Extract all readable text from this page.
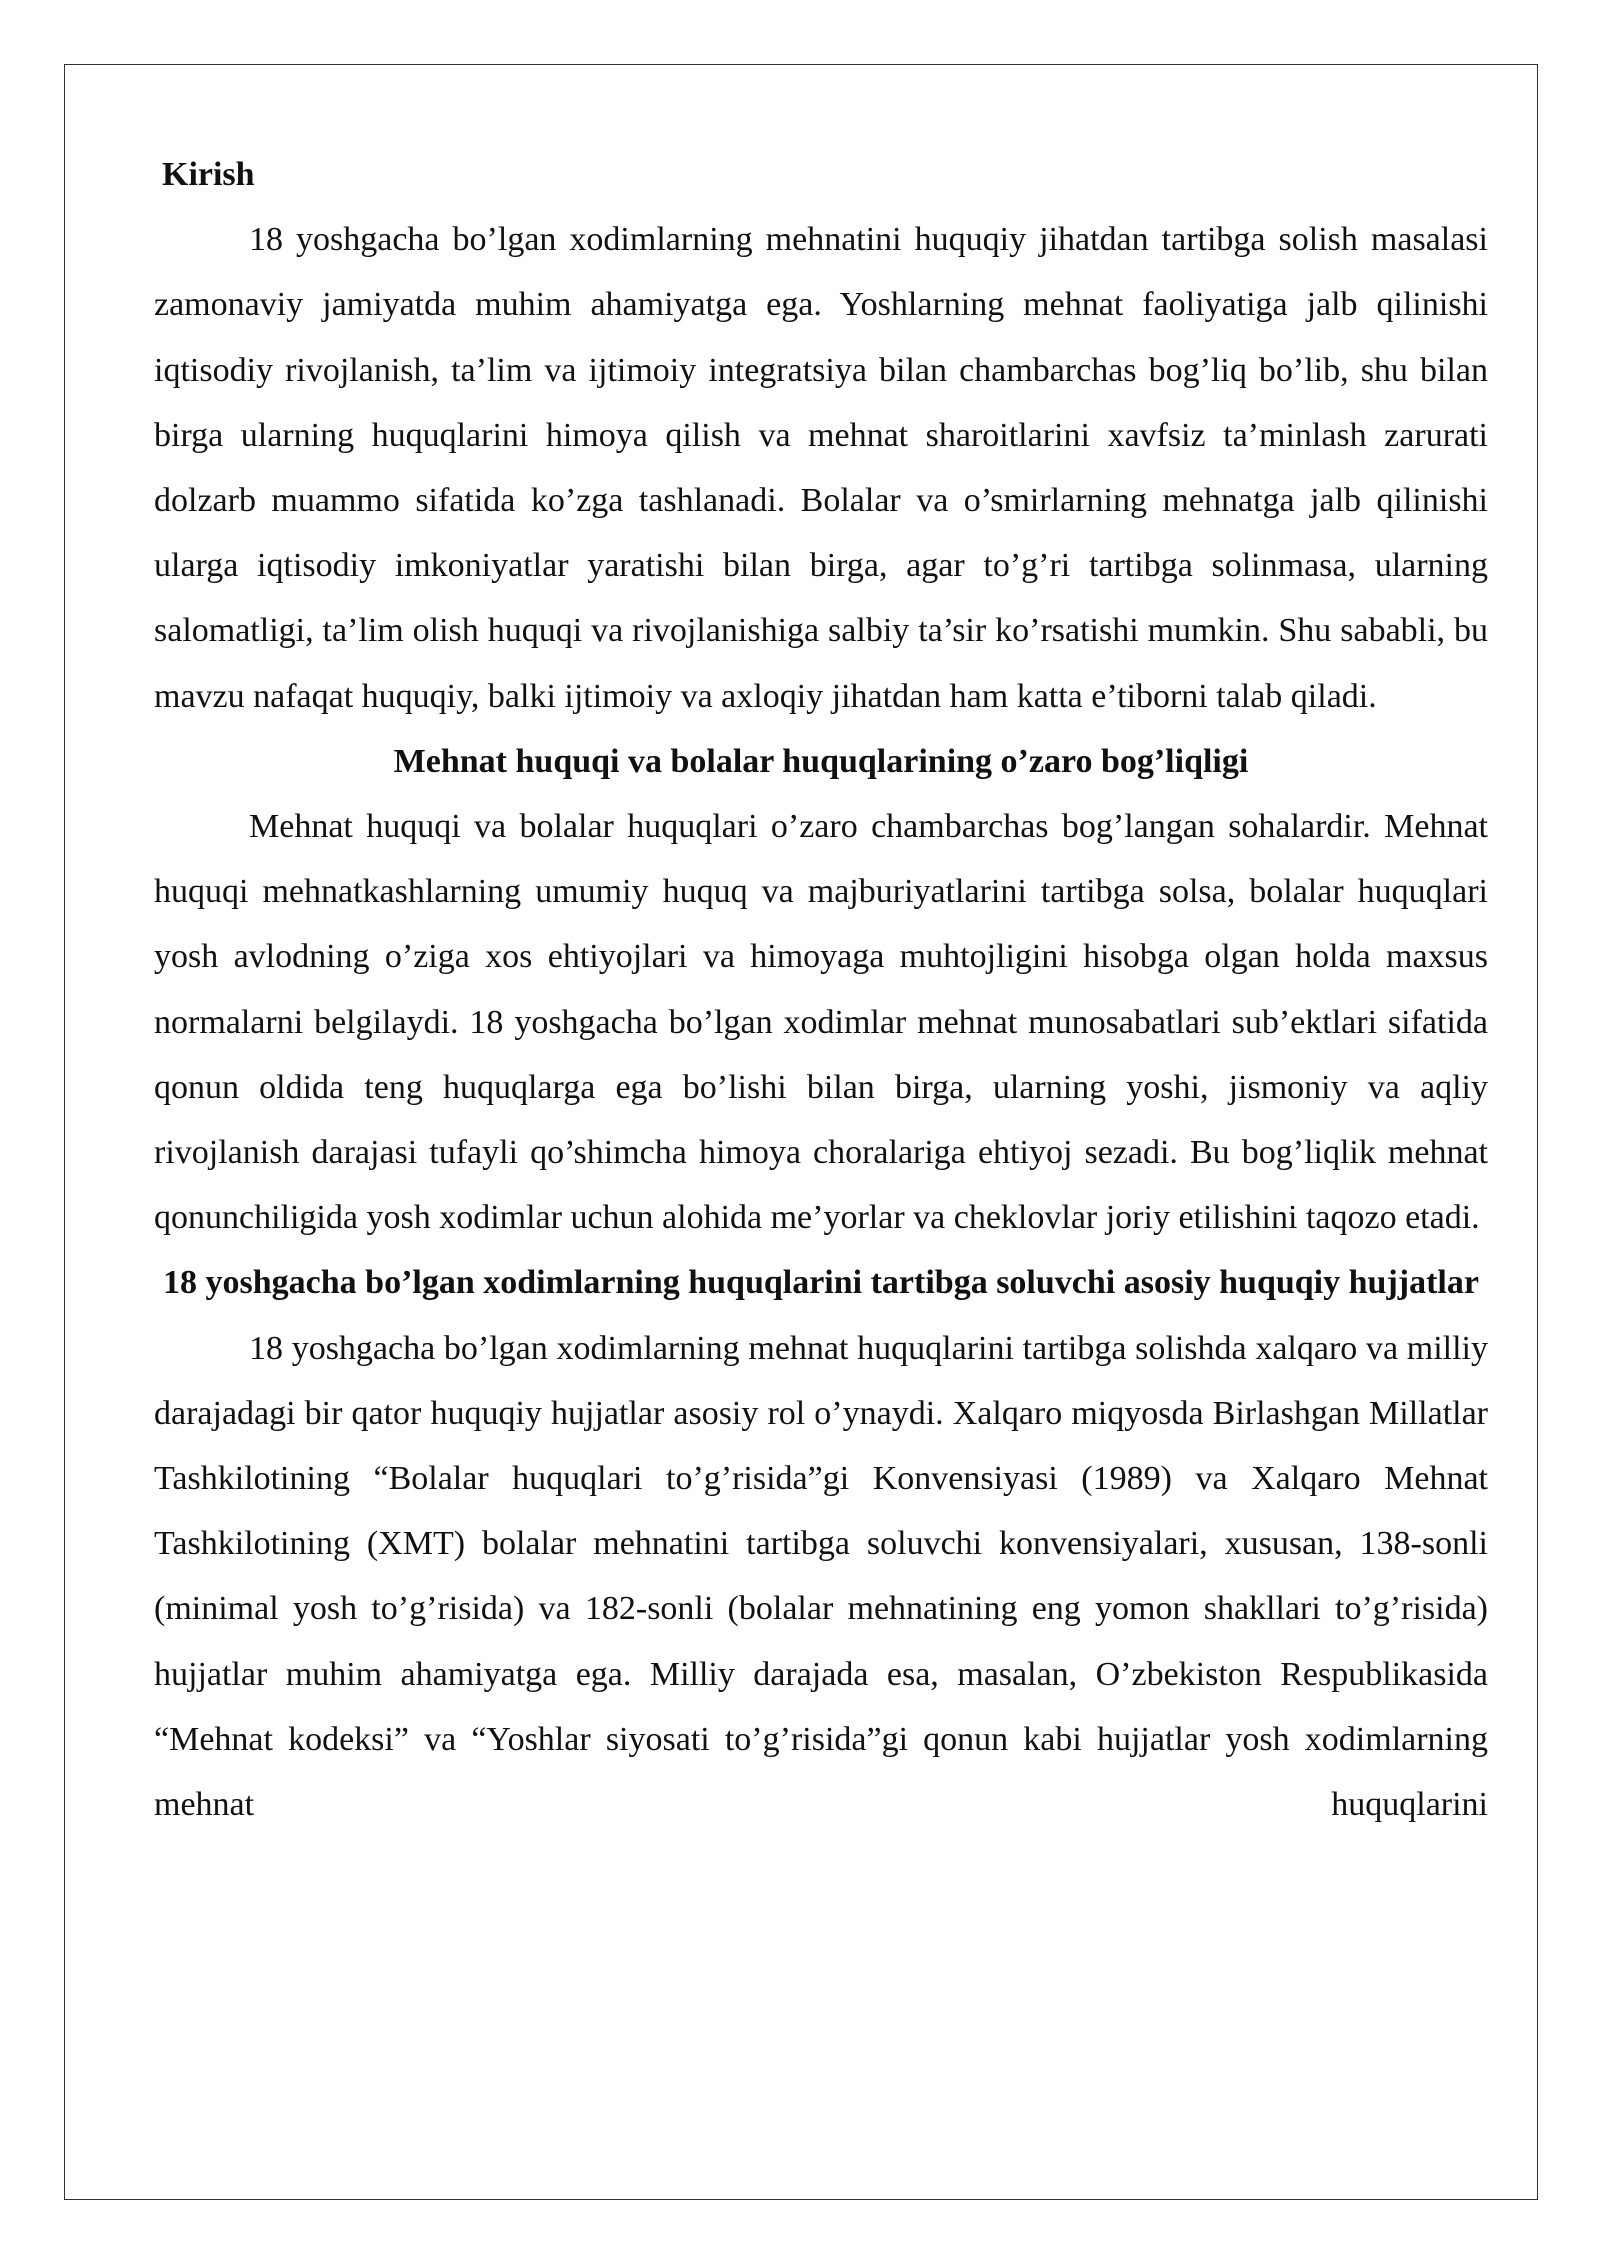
Kirish

18 yoshgacha bo’lgan xodimlarning mehnatini huquqiy jihatdan tartibga solish masalasi zamonaviy jamiyatda muhim ahamiyatga ega. Yoshlarning mehnat faoliyatiga jalb qilinishi iqtisodiy rivojlanish, ta’lim va ijtimoiy integratsiya bilan chambarchas bog’liq bo’lib, shu bilan birga ularning huquqlarini himoya qilish va mehnat sharoitlarini xavfsiz ta’minlash zarurati dolzarb muammo sifatida ko’zga tashlanadi. Bolalar va o’smirlarning mehnatga jalb qilinishi ularga iqtisodiy imkoniyatlar yaratishi bilan birga, agar to’g’ri tartibga solinmasa, ularning salomatligi, ta’lim olish huquqi va rivojlanishiga salbiy ta’sir ko’rsatishi mumkin. Shu sababli, bu mavzu nafaqat huquqiy, balki ijtimoiy va axloqiy jihatdan ham katta e’tiborni talab qiladi.

Mehnat huquqi va bolalar huquqlarining o’zaro bog’liqligi

Mehnat huquqi va bolalar huquqlari o’zaro chambarchas bog’langan sohalardir. Mehnat huquqi mehnatkashlarning umumiy huquq va majburiyatlarini tartibga solsa, bolalar huquqlari yosh avlodning o’ziga xos ehtiyojlari va himoyaga muhtojligini hisobga olgan holda maxsus normalarni belgilaydi. 18 yoshgacha bo’lgan xodimlar mehnat munosabatlari sub’ektlari sifatida qonun oldida teng huquqlarga ega bo’lishi bilan birga, ularning yoshi, jismoniy va aqliy rivojlanish darajasi tufayli qo’shimcha himoya choralariga ehtiyoj sezadi. Bu bog’liqlik mehnat qonunchiligida yosh xodimlar uchun alohida me’yorlar va cheklovlar joriy etilishini taqozo etadi.

18 yoshgacha bo’lgan xodimlarning huquqlarini tartibga soluvchi asosiy huquqiy hujjatlar

18 yoshgacha bo’lgan xodimlarning mehnat huquqlarini tartibga solishda xalqaro va milliy darajadagi bir qator huquqiy hujjatlar asosiy rol o’ynaydi. Xalqaro miqyosda Birlashgan Millatlar Tashkilotining “Bolalar huquqlari to’g’risida”gi Konvensiyasi (1989) va Xalqaro Mehnat Tashkilotining (XMT) bolalar mehnatini tartibga soluvchi konvensiyalari, xususan, 138-sonli (minimal yosh to’g’risida) va 182-sonli (bolalar mehnatining eng yomon shakllari to’g’risida) hujjatlar muhim ahamiyatga ega. Milliy darajada esa, masalan, O’zbekiston Respublikasida “Mehnat kodeksi” va “Yoshlar siyosati to’g’risida”gi qonun kabi hujjatlar yosh xodimlarning mehnat huquqlarini
